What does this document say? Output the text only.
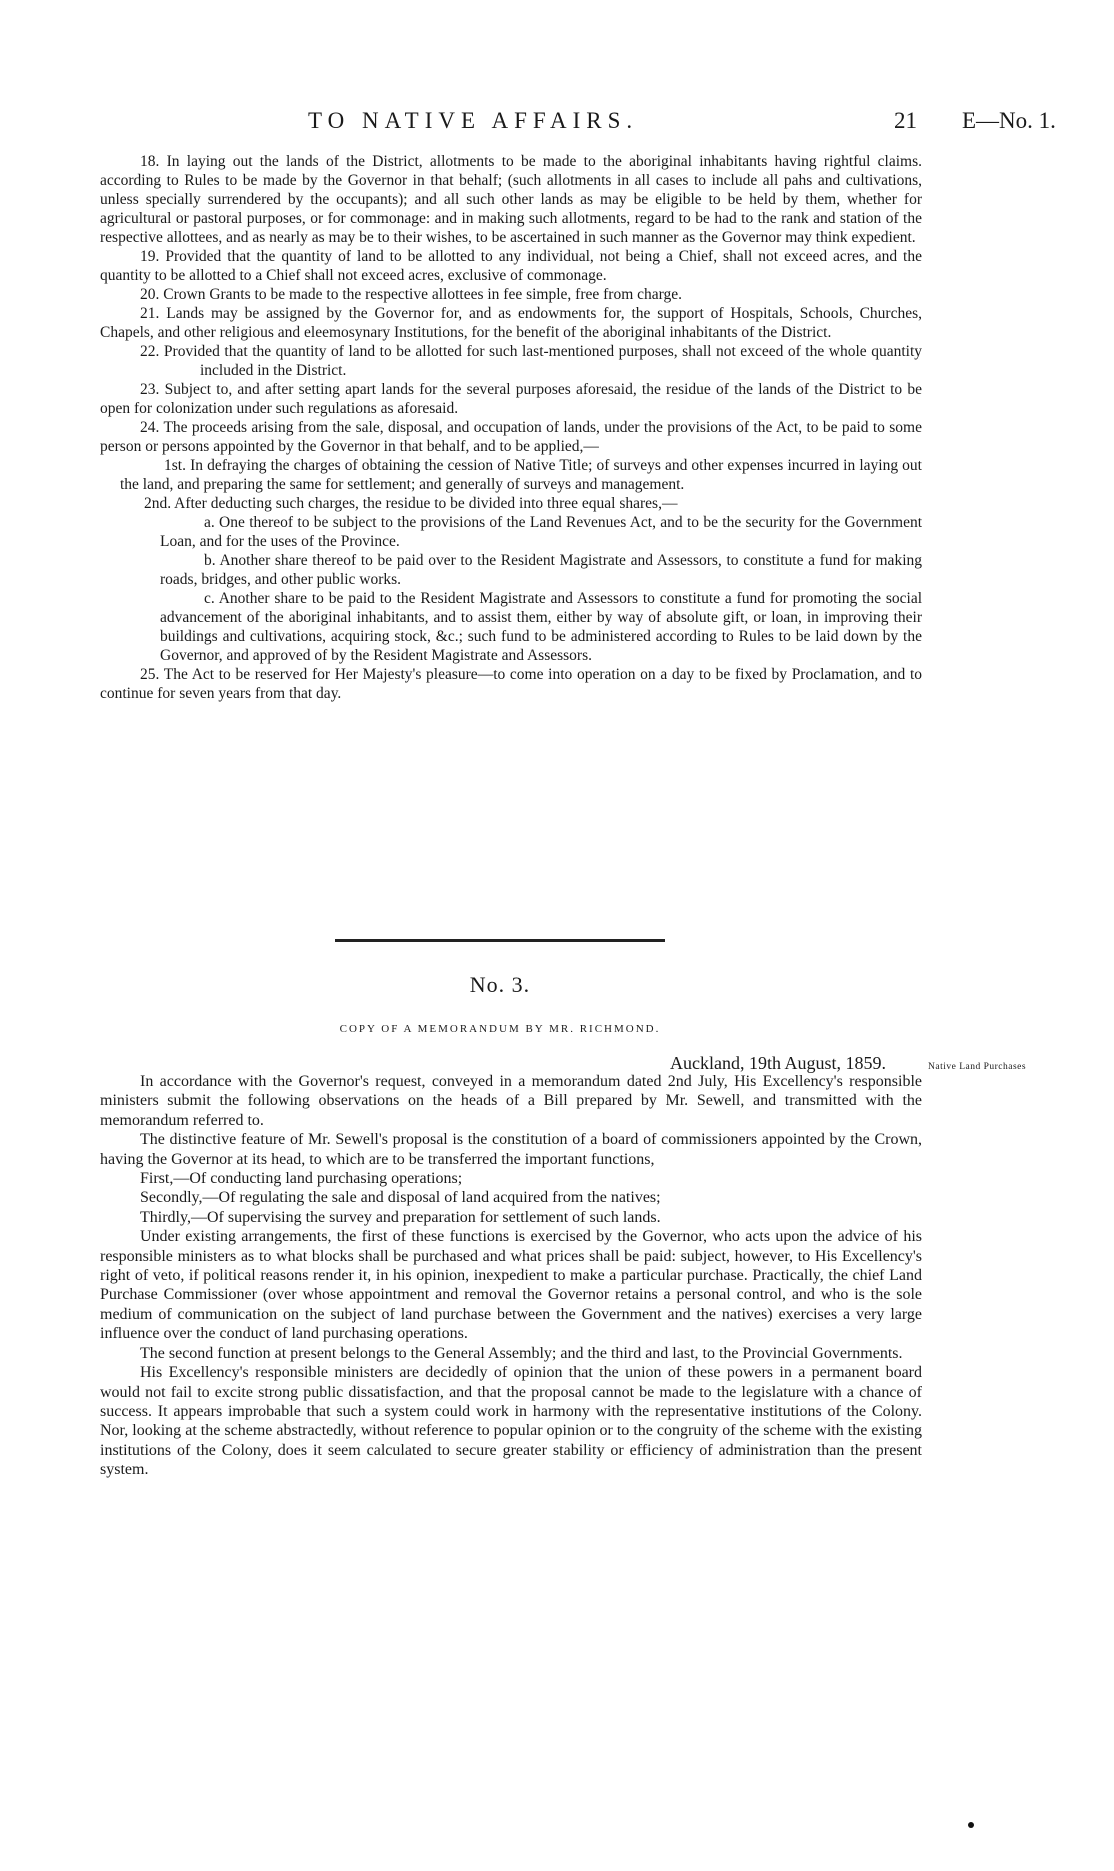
TO NATIVE AFFAIRS.	21 E—No. 1.

18. In laying out the lands of the District, allotments to be made to the aboriginal inhabitants having rightful claims. according to Rules to be made by the Governor in that behalf; (such allotments in all cases to include all pahs and cultivations, unless specially surrendered by the occupants); and all such other lands as may be eligible to be held by them, whether for agricultural or pastoral purposes, or for commonage: and in making such allotments, regard to be had to the rank and station of the respective allottees, and as nearly as may be to their wishes, to be ascertained in such manner as the Governor may think expedient.

19. Provided that the quantity of land to be allotted to any individual, not being a Chief, shall not exceed acres, and the quantity to be allotted to a Chief shall not exceed acres, exclusive of commonage.

20. Crown Grants to be made to the respective allottees in fee simple, free from charge.

21. Lands may be assigned by the Governor for, and as endowments for, the support of Hospitals, Schools, Churches, Chapels, and other religious and eleemosynary Institutions, for the benefit of the aboriginal inhabitants of the District.

22. Provided that the quantity of land to be allotted for such last-mentioned purposes, shall not exceed of the whole quantity included in the District.

23. Subject to, and after setting apart lands for the several purposes aforesaid, the residue of the lands of the District to be open for colonization under such regulations as aforesaid.

24. The proceeds arising from the sale, disposal, and occupation of lands, under the provisions of the Act, to be paid to some person or persons appointed by the Governor in that behalf, and to be applied,—

1st. In defraying the charges of obtaining the cession of Native Title; of surveys and other expenses incurred in laying out the land, and preparing the same for settlement; and generally of surveys and management.

2nd. After deducting such charges, the residue to be divided into three equal shares,—

a. One thereof to be subject to the provisions of the Land Revenues Act, and to be the security for the Government Loan, and for the uses of the Province.

b. Another share thereof to be paid over to the Resident Magistrate and Assessors, to constitute a fund for making roads, bridges, and other public works.

c. Another share to be paid to the Resident Magistrate and Assessors to constitute a fund for promoting the social advancement of the aboriginal inhabitants, and to assist them, either by way of absolute gift, or loan, in improving their buildings and cultivations, acquiring stock, &c.; such fund to be administered according to Rules to be laid down by the Governor, and approved of by the Resident Magistrate and Assessors.

25. The Act to be reserved for Her Majesty's pleasure—to come into operation on a day to be fixed by Proclamation, and to continue for seven years from that day.

No. 3.
COPY OF A MEMORANDUM BY MR. RICHMOND.
Auckland, 19th August, 1859.	Native Land Purchases

In accordance with the Governor's request, conveyed in a memorandum dated 2nd July, His Excellency's responsible ministers submit the following observations on the heads of a Bill prepared by Mr. Sewell, and transmitted with the memorandum referred to.

The distinctive feature of Mr. Sewell's proposal is the constitution of a board of commissioners appointed by the Crown, having the Governor at its head, to which are to be transferred the important functions,

First,—Of conducting land purchasing operations;

Secondly,—Of regulating the sale and disposal of land acquired from the natives;

Thirdly,—Of supervising the survey and preparation for settlement of such lands.

Under existing arrangements, the first of these functions is exercised by the Governor, who acts upon the advice of his responsible ministers as to what blocks shall be purchased and what prices shall be paid: subject, however, to His Excellency's right of veto, if political reasons render it, in his opinion, inexpedient to make a particular purchase. Practically, the chief Land Purchase Commissioner (over whose appointment and removal the Governor retains a personal control, and who is the sole medium of communication on the subject of land purchase between the Government and the natives) exercises a very large influence over the conduct of land purchasing operations.

The second function at present belongs to the General Assembly; and the third and last, to the Provincial Governments.

His Excellency's responsible ministers are decidedly of opinion that the union of these powers in a permanent board would not fail to excite strong public dissatisfaction, and that the proposal cannot be made to the legislature with a chance of success. It appears improbable that such a system could work in harmony with the representative institutions of the Colony. Nor, looking at the scheme abstractedly, without reference to popular opinion or to the congruity of the scheme with the existing institutions of the Colony, does it seem calculated to secure greater stability or efficiency of administration than the present system.
